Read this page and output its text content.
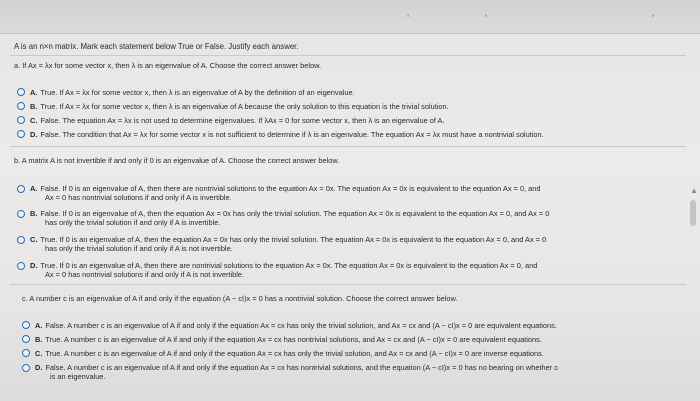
'	'	'
A is an n×n matrix. Mark each statement below True or False. Justify each answer.
a. If Ax = λx for some vector x, then λ is an eigenvalue of A. Choose the correct answer below.
A. True. If Ax = λx for some vector x, then λ is an eigenvalue of A by the definition of an eigenvalue.
B. True. If Ax = λx for some vector x, then λ is an eigenvalue of A because the only solution to this equation is the trivial solution.
C. False. The equation Ax = λx is not used to determine eigenvalues. If λAx = 0 for some vector x, then λ is an eigenvalue of A.
D. False. The condition that Ax = λx for some vector x is not sufficient to determine if λ is an eigenvalue. The equation Ax = λx must have a nontrivial solution.
b. A matrix A is not invertible if and only if 0 is an eigenvalue of A. Choose the correct answer below.
A. False. If 0 is an eigenvalue of A, then there are nontrivial solutions to the equation Ax = 0x. The equation Ax = 0x is equivalent to the equation Ax = 0, and
Ax = 0 has nontrivial solutions if and only if A is invertible.
B. False. If 0 is an eigenvalue of A, then the equation Ax = 0x has only the trivial solution. The equation Ax = 0x is equivalent to the equation Ax = 0, and Ax = 0
has only the trivial solution if and only if A is invertible.
C. True. If 0 is an eigenvalue of A, then the equation Ax = 0x has only the trivial solution. The equation Ax = 0x is equivalent to the equation Ax = 0, and Ax = 0
has only the trivial solution if and only if A is not invertible.
D. True. If 0 is an eigenvalue of A, then there are nontrivial solutions to the equation Ax = 0x. The equation Ax = 0x is equivalent to the equation Ax = 0, and
Ax = 0 has nontrivial solutions if and only if A is not invertible.
c. A number c is an eigenvalue of A if and only if the equation (A − cI)x = 0 has a nontrivial solution. Choose the correct answer below.
A. False. A number c is an eigenvalue of A if and only if the equation Ax = cx has only the trivial solution, and Ax = cx and (A − cI)x = 0 are equivalent equations.
B. True. A number c is an eigenvalue of A if and only if the equation Ax = cx has nontrivial solutions, and Ax = cx and (A − cI)x = 0 are equivalent equations.
C. True. A number c is an eigenvalue of A if and only if the equation Ax = cx has only the trivial solution, and Ax = cx and (A − cI)x = 0 are inverse equations.
D. False. A number c is an eigenvalue of A if and only if the equation Ax = cx has nontrivial solutions, and the equation (A − cI)x = 0 has no bearing on whether c
is an eigenvalue.
▲
